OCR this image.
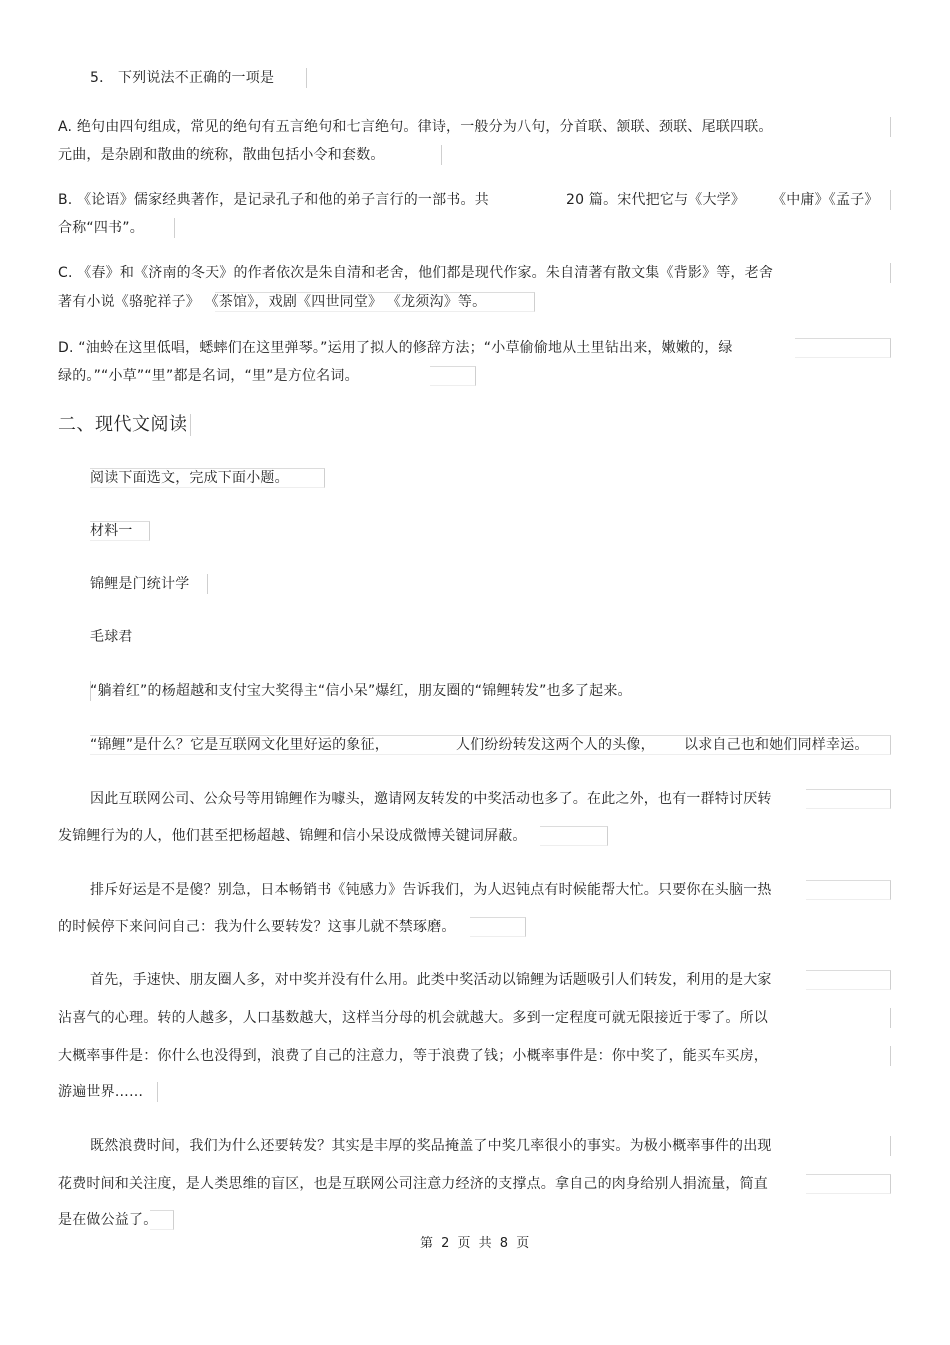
5． 下列说法不正确的一项是
A. 绝句由四句组成，常见的绝句有五言绝句和七言绝句。律诗，一般分为八句，分首联、颔联、颈联、尾联四联。
元曲，是杂剧和散曲的统称，散曲包括小令和套数。
B. 《论语》儒家经典著作，是记录孔子和他的弟子言行的一部书。共	20 篇。宋代把它与《大学》 《中庸》《孟子》
合称“四书”。
C. 《春》和《济南的冬天》的作者依次是朱自清和老舍，他们都是现代作家。朱自清著有散文集《背影》等，老舍
著有小说《骆驼祥子》 《茶馆》，戏剧《四世同堂》 《龙须沟》等。
D. “油蛉在这里低唱，蟋蟀们在这里弹琴。”运用了拟人的修辞方法；“小草偷偷地从土里钻出来，嫩嫩的，绿
绿的。”“小草”“里”都是名词，“里”是方位名词。
二、现代文阅读
阅读下面选文，完成下面小题。
材料一
锦鲤是门统计学
毛球君
“躺着红”的杨超越和支付宝大奖得主“信小呆”爆红，朋友圈的“锦鲤转发”也多了起来。
“锦鲤”是什么？它是互联网文化里好运的象征，	人们纷纷转发这两个人的头像， 以求自己也和她们同样幸运。
因此互联网公司、公众号等用锦鲤作为噱头，邀请网友转发的中奖活动也多了。在此之外，也有一群特讨厌转
发锦鲤行为的人，他们甚至把杨超越、锦鲤和信小呆设成微博关键词屏蔽。
排斥好运是不是傻？别急，日本畅销书《钝感力》告诉我们，为人迟钝点有时候能帮大忙。只要你在头脑一热
的时候停下来问问自己：我为什么要转发？这事儿就不禁琢磨。
首先，手速快、朋友圈人多，对中奖并没有什么用。此类中奖活动以锦鲤为话题吸引人们转发，利用的是大家
沾喜气的心理。转的人越多，人口基数越大，这样当分母的机会就越大。多到一定程度可就无限接近于零了。所以
大概率事件是：你什么也没得到，浪费了自己的注意力，等于浪费了钱；小概率事件是：你中奖了，能买车买房，
游遍世界……
既然浪费时间，我们为什么还要转发？其实是丰厚的奖品掩盖了中奖几率很小的事实。为极小概率事件的出现
花费时间和关注度，是人类思维的盲区，也是互联网公司注意力经济的支撑点。拿自己的肉身给别人捐流量，简直
是在做公益了。
第 2 页 共 8 页
